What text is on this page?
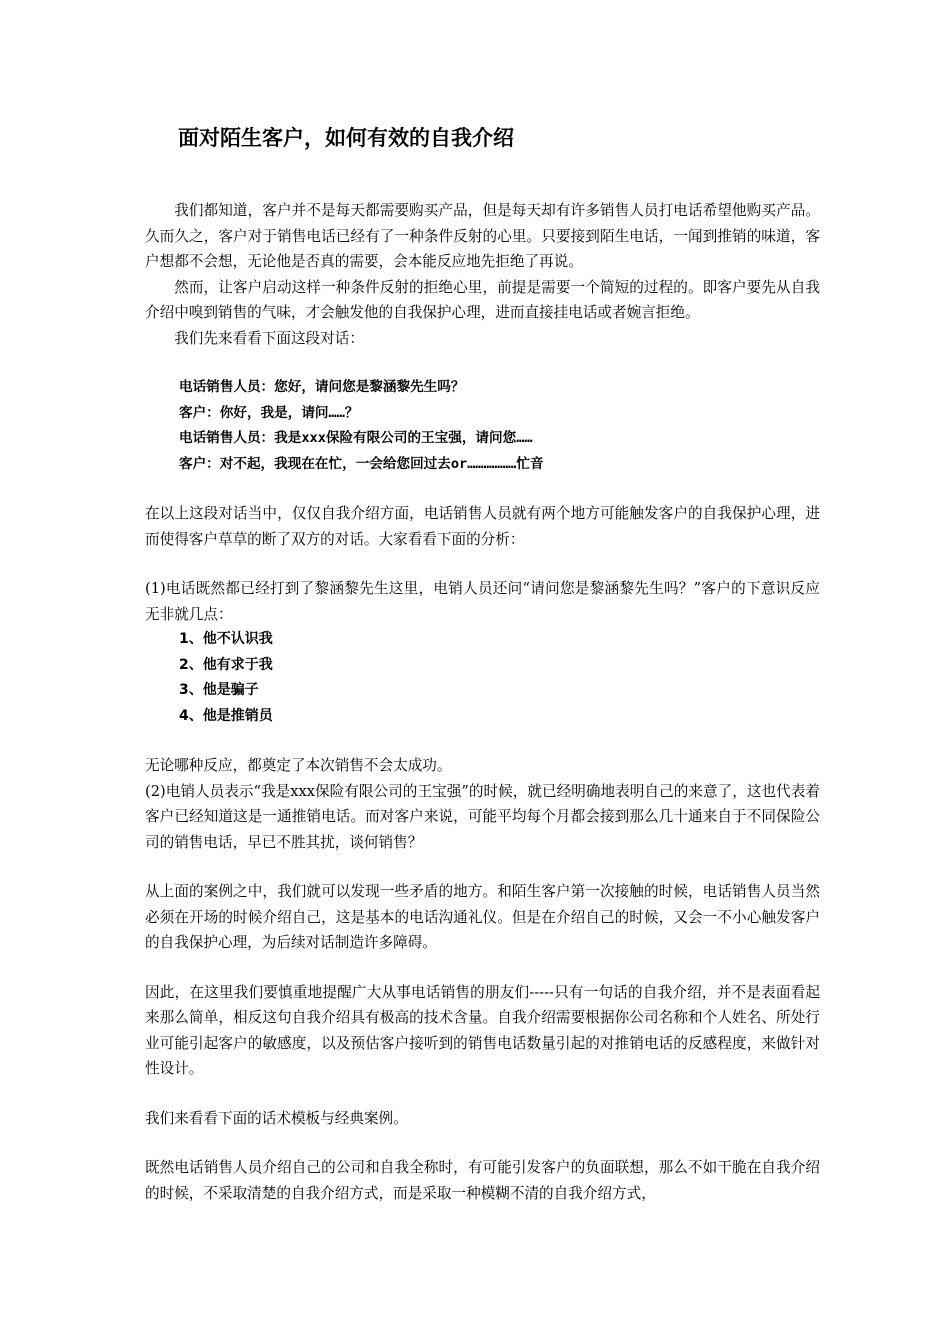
面对陌生客户，如何有效的自我介绍

我们都知道，客户并不是每天都需要购买产品，但是每天却有许多销售人员打电话希望他购买产品。久而久之，客户对于销售电话已经有了一种条件反射的心里。只要接到陌生电话，一闻到推销的味道，客户想都不会想，无论他是否真的需要，会本能反应地先拒绝了再说。

然而，让客户启动这样一种条件反射的拒绝心里，前提是需要一个简短的过程的。即客户要先从自我介绍中嗅到销售的气味，才会触发他的自我保护心理，进而直接挂电话或者婉言拒绝。

我们先来看看下面这段对话：

电话销售人员：您好，请问您是黎涵黎先生吗？
客户：你好，我是，请问……？
电话销售人员：我是xxx保险有限公司的王宝强，请问您……
客户：对不起，我现在在忙，一会给您回过去or………………忙音

在以上这段对话当中，仅仅自我介绍方面，电话销售人员就有两个地方可能触发客户的自我保护心理，进而使得客户草草的断了双方的对话。大家看看下面的分析：

(1)电话既然都已经打到了黎涵黎先生这里，电销人员还问“请问您是黎涵黎先生吗？”客户的下意识反应无非就几点：

1、他不认识我
2、他有求于我
3、他是骗子
4、他是推销员

无论哪种反应，都奠定了本次销售不会太成功。

(2)电销人员表示“我是xxx保险有限公司的王宝强”的时候，就已经明确地表明自己的来意了，这也代表着客户已经知道这是一通推销电话。而对客户来说，可能平均每个月都会接到那么几十通来自于不同保险公司的销售电话，早已不胜其扰，谈何销售？

从上面的案例之中，我们就可以发现一些矛盾的地方。和陌生客户第一次接触的时候，电话销售人员当然必须在开场的时候介绍自己，这是基本的电话沟通礼仪。但是在介绍自己的时候，又会一不小心触发客户的自我保护心理，为后续对话制造许多障碍。

因此，在这里我们要慎重地提醒广大从事电话销售的朋友们-----只有一句话的自我介绍，并不是表面看起来那么简单，相反这句自我介绍具有极高的技术含量。自我介绍需要根据你公司名称和个人姓名、所处行业可能引起客户的敏感度，以及预估客户接听到的销售电话数量引起的对推销电话的反感程度，来做针对性设计。

我们来看看下面的话术模板与经典案例。

既然电话销售人员介绍自己的公司和自我全称时，有可能引发客户的负面联想，那么不如干脆在自我介绍的时候，不采取清楚的自我介绍方式，而是采取一种模糊不清的自我介绍方式，
